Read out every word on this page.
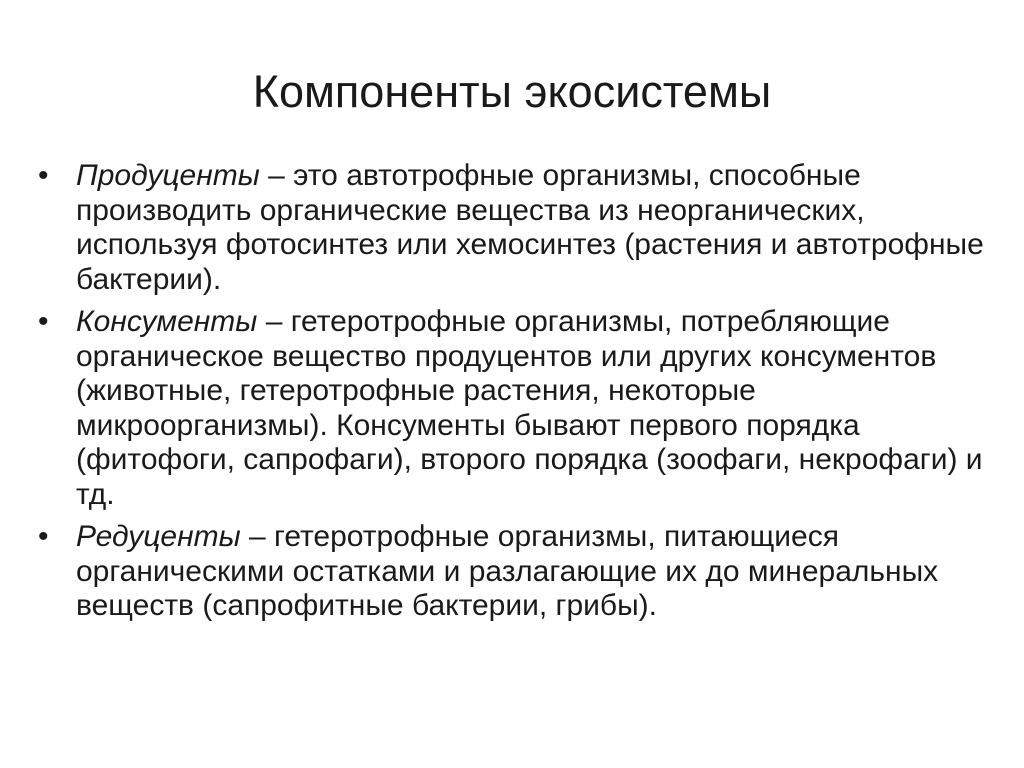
Компоненты экосистемы
• Продуценты – это автотрофные организмы, способные производить органические вещества из неорганических, используя фотосинтез или хемосинтез (растения и автотрофные бактерии).
• Консументы – гетеротрофные организмы, потребляющие органическое вещество продуцентов или других консументов (животные, гетеротрофные растения, некоторые микроорганизмы). Консументы бывают первого порядка (фитофоги, сапрофаги), второго порядка (зоофаги, некрофаги) и тд.
• Редуценты – гетеротрофные организмы, питающиеся органическими остатками и разлагающие их до минеральных веществ (сапрофитные бактерии, грибы).
